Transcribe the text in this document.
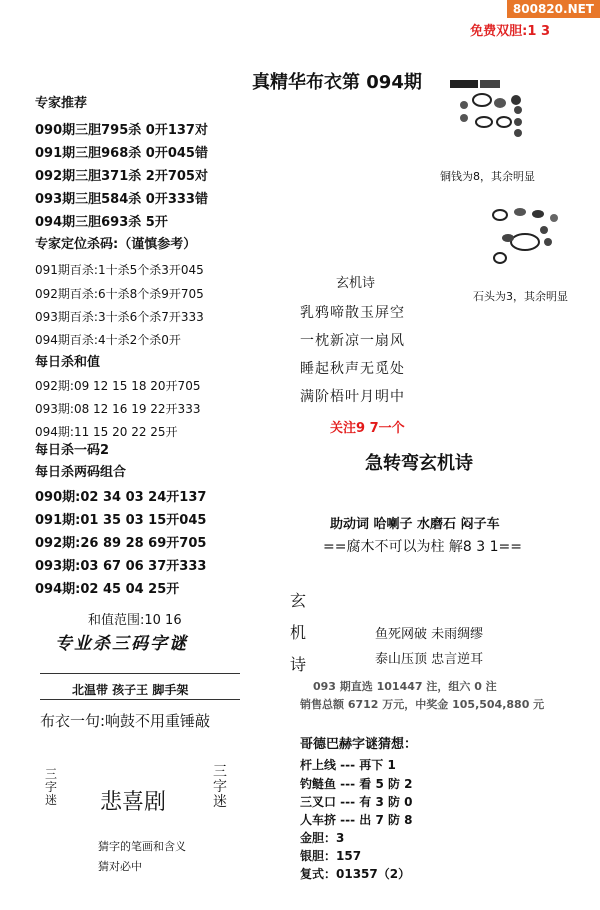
800820.NET
免费双胆:1 3
真精华布衣第 094期
专家推荐
090期三胆795杀 0开137对
091期三胆968杀 0开045错
092期三胆371杀 2开705对
093期三胆584杀 0开333错
094期三胆693杀 5开
专家定位杀码:（谨慎参考）
091期百杀:1十杀5个杀3开045
092期百杀:6十杀8个杀9开705
093期百杀:3十杀6个杀7开333
094期百杀:4十杀2个杀0开
每日杀和值
092期:09 12 15 18 20开705
093期:08 12 16 19 22开333
094期:11 15 20 22 25开
每日杀一码2
每日杀两码组合
090期:02 34 03 24开137
091期:01 35 03 15开045
092期:26 89 28 69开705
093期:03 67 06 37开333
094期:02 45 04 25开
和值范围:10 16
专业杀三码字谜
北温带 孩子王 脚手架
布衣一句:响鼓不用重锤敲
三字迷
三字迷
悲喜剧
猜字的笔画和含义
猜对必中
铜钱为8，其余明显
石头为3，其余明显
玄机诗
乳鸦啼散玉屏空
一枕新凉一扇风
睡起秋声无觅处
满阶梧叶月明中
关注9 7一个
急转弯玄机诗
助动词 哈喇子 水磨石 闷子车
==腐木不可以为柱 解8 3 1==
玄
机
诗
鱼死网破 未雨绸缪
泰山压顶 忠言逆耳
093 期直选 101447 注，组六 0 注
销售总额 6712 万元，中奖金 105,504,880 元
哥德巴赫字谜猜想：
杆上线 --- 再下 1
钓鲢鱼 --- 看 5 防 2
三叉口 --- 有 3 防 0
人车挤 --- 出 7 防 8
金胆：3
银胆：157
复式：01357（2）
